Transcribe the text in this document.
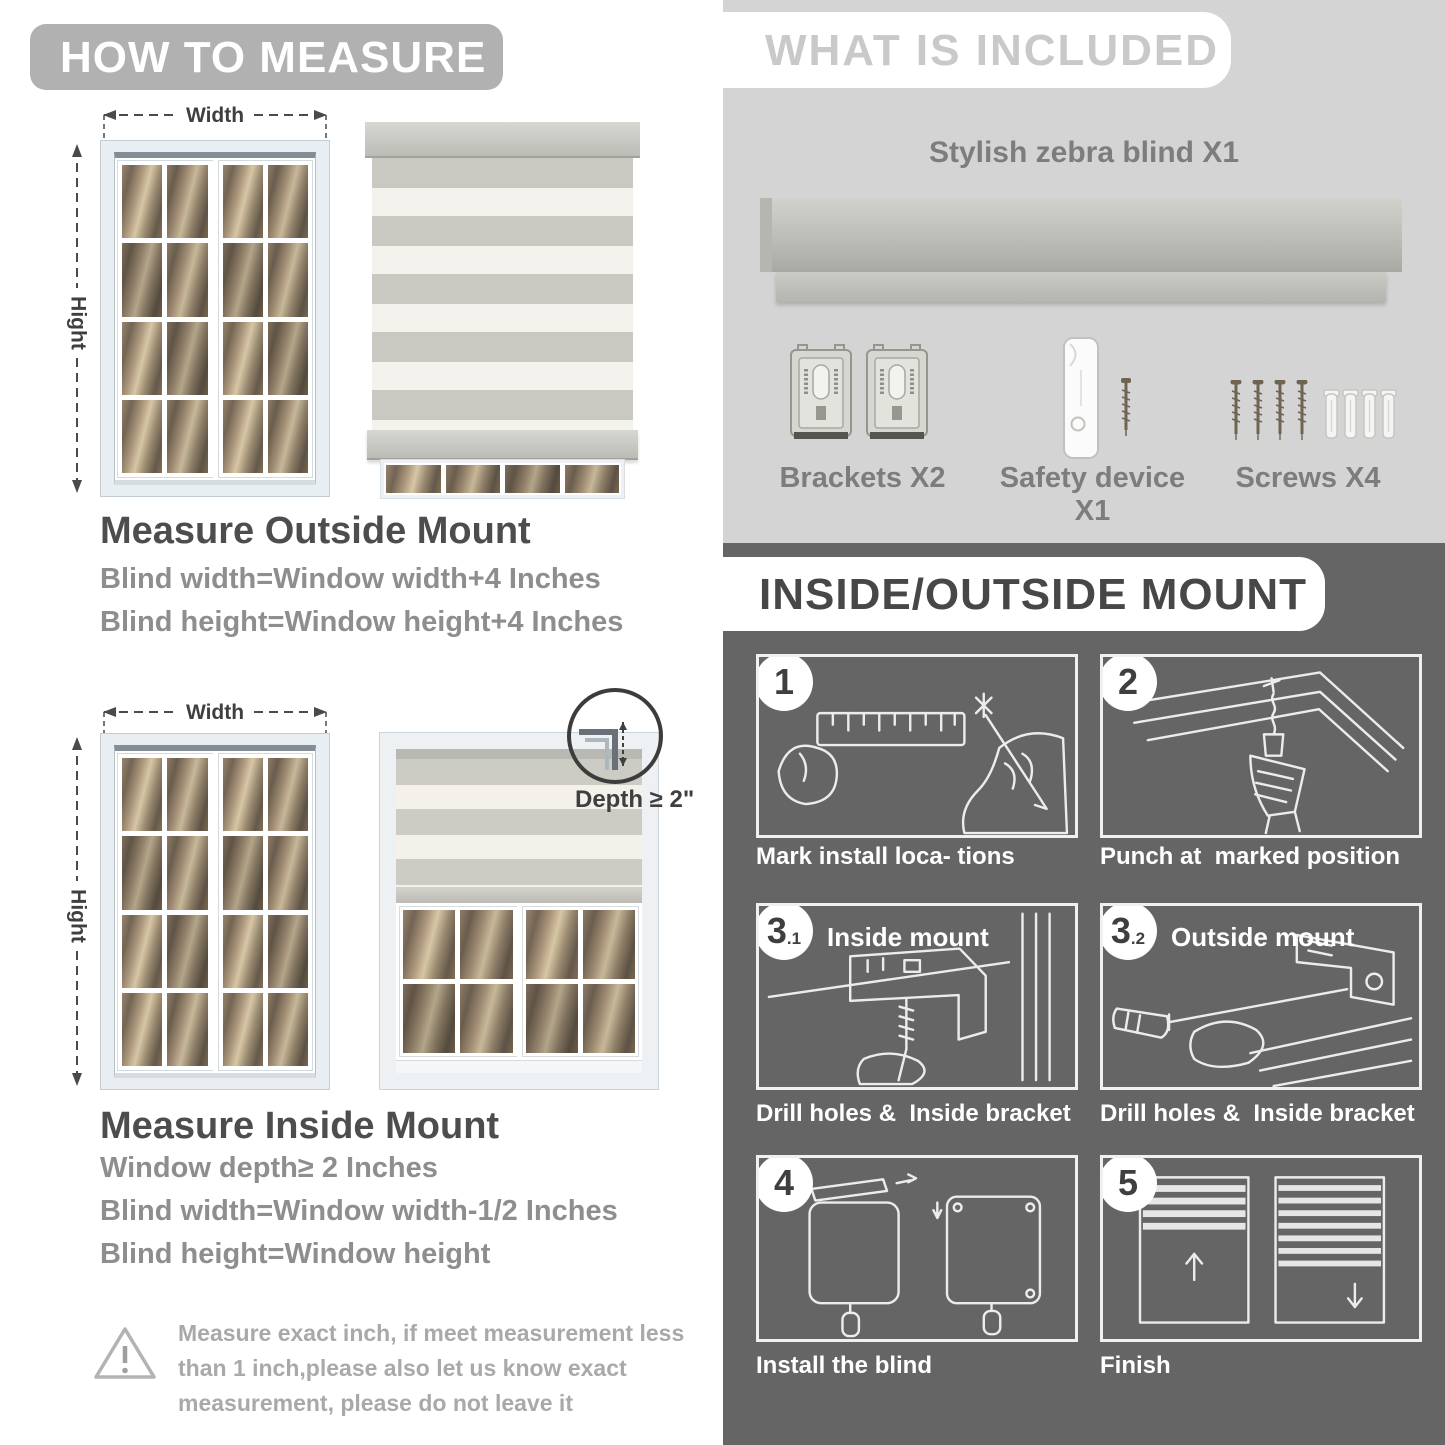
HOW TO MEASURE
Width
Hight
Measure Outside Mount

Blind width=Window width+4 Inches

Blind height=Window height+4 Inches

Width
Hight
Depth ≥ 2"
Measure Inside Mount

Window depth≥ 2 Inches

Blind width=Window width-1/2 Inches

Blind height=Window height

Measure exact inch, if meet measurement less
than 1 inch,please also let us know exact
measurement, please do not leave it
WHAT IS INCLUDED
Stylish zebra blind X1
Brackets X2	Safety device X1
Screws X4
INSIDE/OUTSIDE MOUNT
1	2
Mark install loca- tions	Punch at  marked position
3 .1 Inside mount	3 .2 Outside mount
Drill holes &  Inside bracket	Drill holes &  Inside bracket
4	5
Install the blind	Finish
